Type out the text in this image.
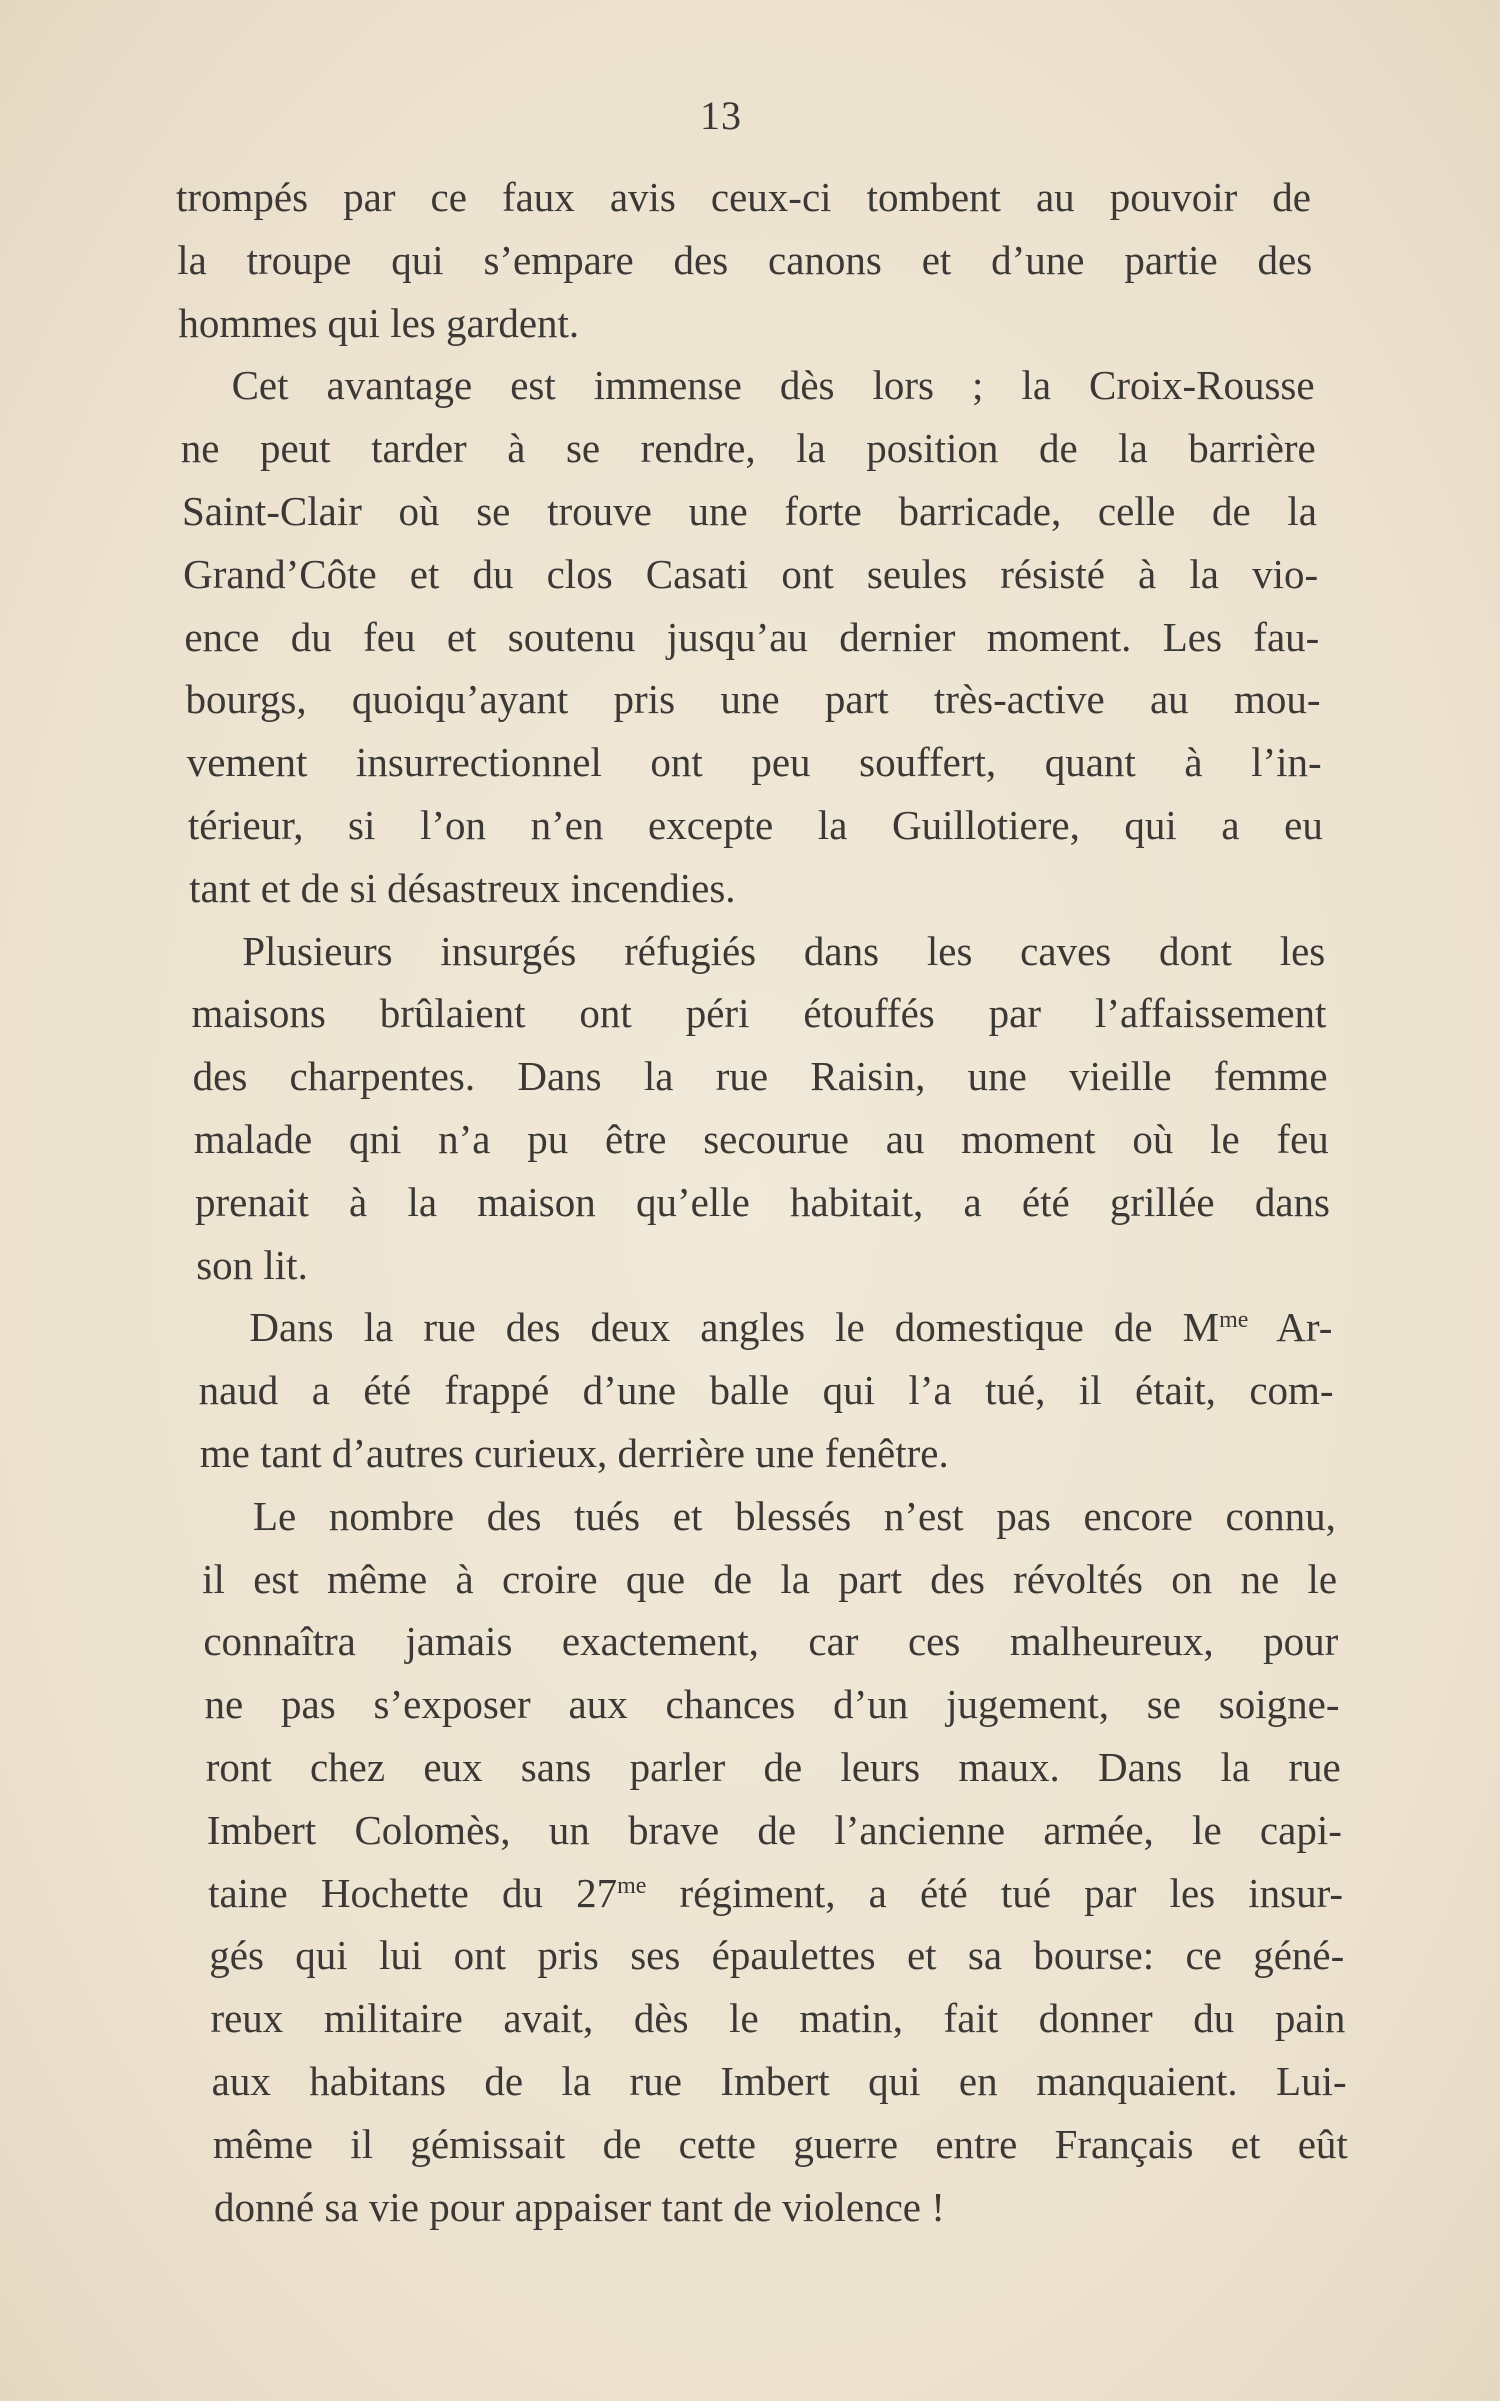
13
trompés par ce faux avis ceux-ci tombent au pouvoir de
la troupe qui s’empare des canons et d’une partie des
hommes qui les gardent.
Cet avantage est immense dès lors ; la Croix-Rousse
ne peut tarder à se rendre, la position de la barrière
Saint-Clair où se trouve une forte barricade, celle de la
Grand’Côte et du clos Casati ont seules résisté à la vio-
ence du feu et soutenu jusqu’au dernier moment. Les fau-
bourgs, quoiqu’ayant pris une part très-active au mou-
vement insurrectionnel ont peu souffert, quant à l’in-
térieur, si l’on n’en excepte la Guillotiere, qui a eu
tant et de si désastreux incendies.
Plusieurs insurgés réfugiés dans les caves dont les
maisons brûlaient ont péri étouffés par l’affaissement
des charpentes. Dans la rue Raisin, une vieille femme
malade qni n’a pu être secourue au moment où le feu
prenait à la maison qu’elle habitait, a été grillée dans
son lit.
Dans la rue des deux angles le domestique de $M^{me}$ Ar-
naud a été frappé d’une balle qui l’a tué, il était, com-
me tant d’autres curieux, derrière une fenêtre.
Le nombre des tués et blessés n’est pas encore connu,
il est même à croire que de la part des révoltés on ne le
connaîtra jamais exactement, car ces malheureux, pour
ne pas s’exposer aux chances d’un jugement, se soigne-
ront chez eux sans parler de leurs maux. Dans la rue
Imbert Colomès, un brave de l’ancienne armée, le capi-
taine Hochette du $27^{me}$ régiment, a été tué par les insur-
gés qui lui ont pris ses épaulettes et sa bourse: ce géné-
reux militaire avait, dès le matin, fait donner du pain
aux habitans de la rue Imbert qui en manquaient. Lui-
même il gémissait de cette guerre entre Français et eût
donné sa vie pour appaiser tant de violence !
